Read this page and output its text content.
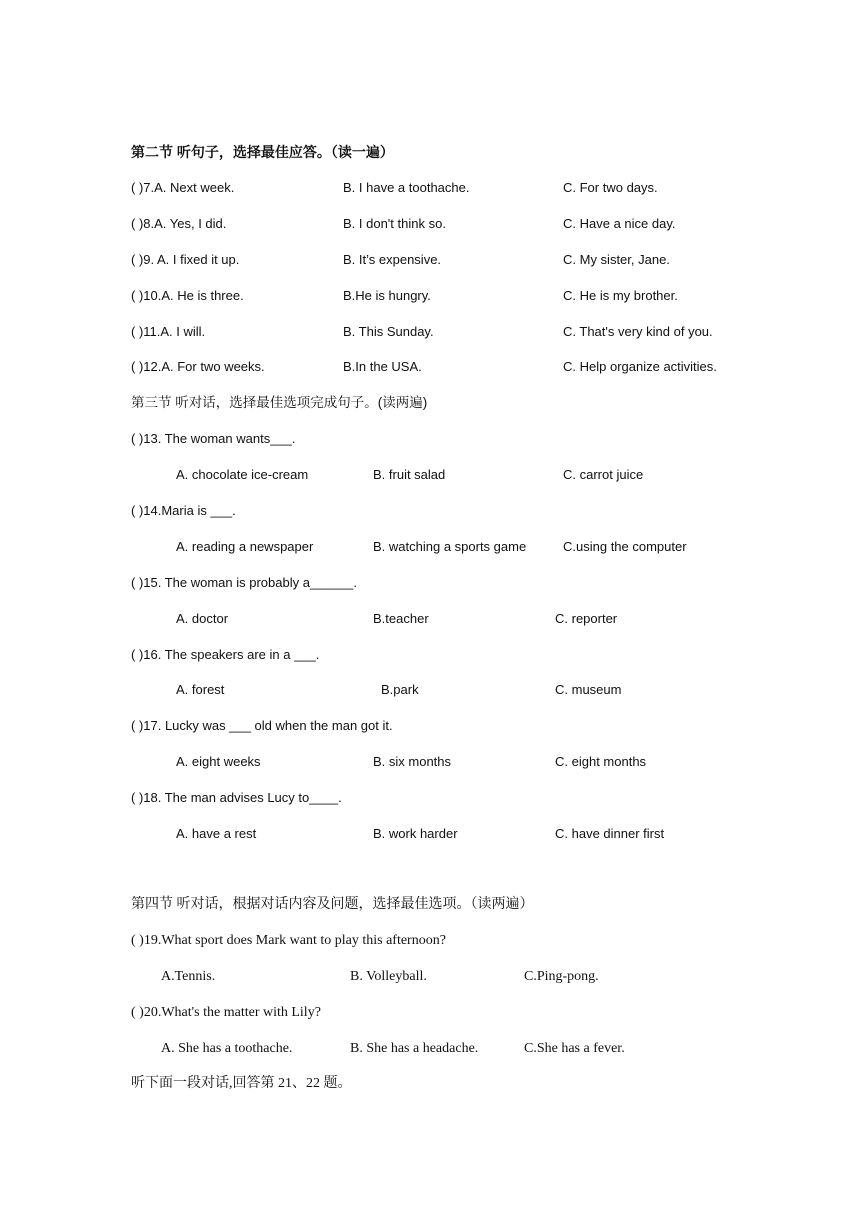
第二节 听句子，选择最佳应答。（读一遍）
( )7.A. Next week.	B. I have a toothache.	C. For two days.
( )8.A. Yes, I did.	B. I don't think so.	C. Have a nice day.
( )9. A. I fixed it up.	B. It’s expensive.	C. My sister, Jane.
( )10.A. He is three.	B.He is hungry.	C. He is my brother.
( )11.A. I will.	B. This Sunday.	C. That's very kind of you.
( )12.A. For two weeks.	B.In the USA.	C. Help organize activities.
第三节 听对话，选择最佳选项完成句子。(读两遍)
( )13. The woman wants___.
A. chocolate ice-cream	B. fruit salad	C. carrot juice
( )14.Maria is ___.
A. reading a newspaper	B. watching a sports game	C.using the computer
( )15. The woman is probably a______.
A. doctor	B.teacher	C. reporter
( )16. The speakers are in a ___.
A. forest	B.park	C. museum
( )17. Lucky was ___ old when the man got it.
A. eight weeks	B. six months	C. eight months
( )18. The man advises Lucy to____.
A. have a rest	B. work harder	C. have dinner first
第四节 听对话，根据对话内容及问题，选择最佳选项。（读两遍）
( )19.What sport does Mark want to play this afternoon?
A.Tennis.	B. Volleyball.	C.Ping-pong.
( )20.What's the matter with Lily?
A. She has a toothache.	B. She has a headache.	C.She has a fever.
听下面一段对话,回答第 21、22 题。
